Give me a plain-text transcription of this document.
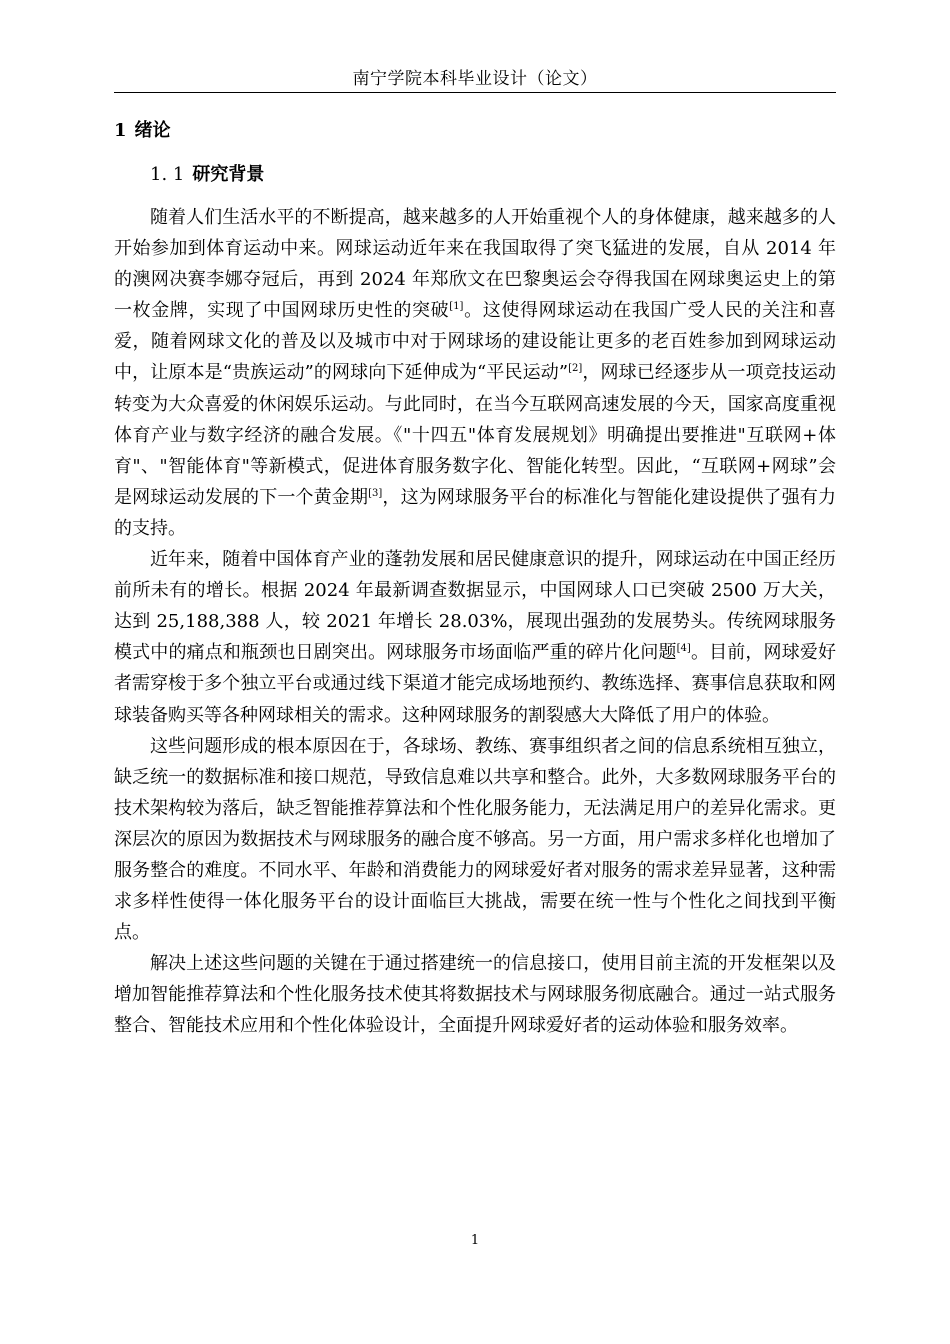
南宁学院本科毕业设计（论文）
1 绪论
1. 1 研究背景

随着人们生活水平的不断提高，越来越多的人开始重视个人的身体健康，越来越多的人开始参加到体育运动中来。网球运动近年来在我国取得了突飞猛进的发展，自从 2014 年的澳网决赛李娜夺冠后，再到 2024 年郑欣文在巴黎奥运会夺得我国在网球奥运史上的第一枚金牌，实现了中国网球历史性的突破[1]。这使得网球运动在我国广受人民的关注和喜爱，随着网球文化的普及以及城市中对于网球场的建设能让更多的老百姓参加到网球运动中，让原本是“贵族运动”的网球向下延伸成为“平民运动”[2]，网球已经逐步从一项竞技运动转变为大众喜爱的休闲娱乐运动。与此同时，在当今互联网高速发展的今天，国家高度重视体育产业与数字经济的融合发展。《"十四五"体育发展规划》明确提出要推进"互联网+体育"、"智能体育"等新模式，促进体育服务数字化、智能化转型。因此，“互联网+网球”会是网球运动发展的下一个黄金期[3]，这为网球服务平台的标准化与智能化建设提供了强有力的支持。

近年来，随着中国体育产业的蓬勃发展和居民健康意识的提升，网球运动在中国正经历前所未有的增长。根据 2024 年最新调查数据显示，中国网球人口已突破 2500 万大关，达到 25,188,388 人，较 2021 年增长 28.03%，展现出强劲的发展势头。传统网球服务模式中的痛点和瓶颈也日剧突出。网球服务市场面临严重的碎片化问题[4]。目前，网球爱好者需穿梭于多个独立平台或通过线下渠道才能完成场地预约、教练选择、赛事信息获取和网球装备购买等各种网球相关的需求。这种网球服务的割裂感大大降低了用户的体验。

这些问题形成的根本原因在于，各球场、教练、赛事组织者之间的信息系统相互独立，缺乏统一的数据标准和接口规范，导致信息难以共享和整合。此外，大多数网球服务平台的技术架构较为落后，缺乏智能推荐算法和个性化服务能力，无法满足用户的差异化需求。更深层次的原因为数据技术与网球服务的融合度不够高。另一方面，用户需求多样化也增加了服务整合的难度。不同水平、年龄和消费能力的网球爱好者对服务的需求差异显著，这种需求多样性使得一体化服务平台的设计面临巨大挑战，需要在统一性与个性化之间找到平衡点。

解决上述这些问题的关键在于通过搭建统一的信息接口，使用目前主流的开发框架以及增加智能推荐算法和个性化服务技术使其将数据技术与网球服务彻底融合。通过一站式服务整合、智能技术应用和个性化体验设计，全面提升网球爱好者的运动体验和服务效率。

1
